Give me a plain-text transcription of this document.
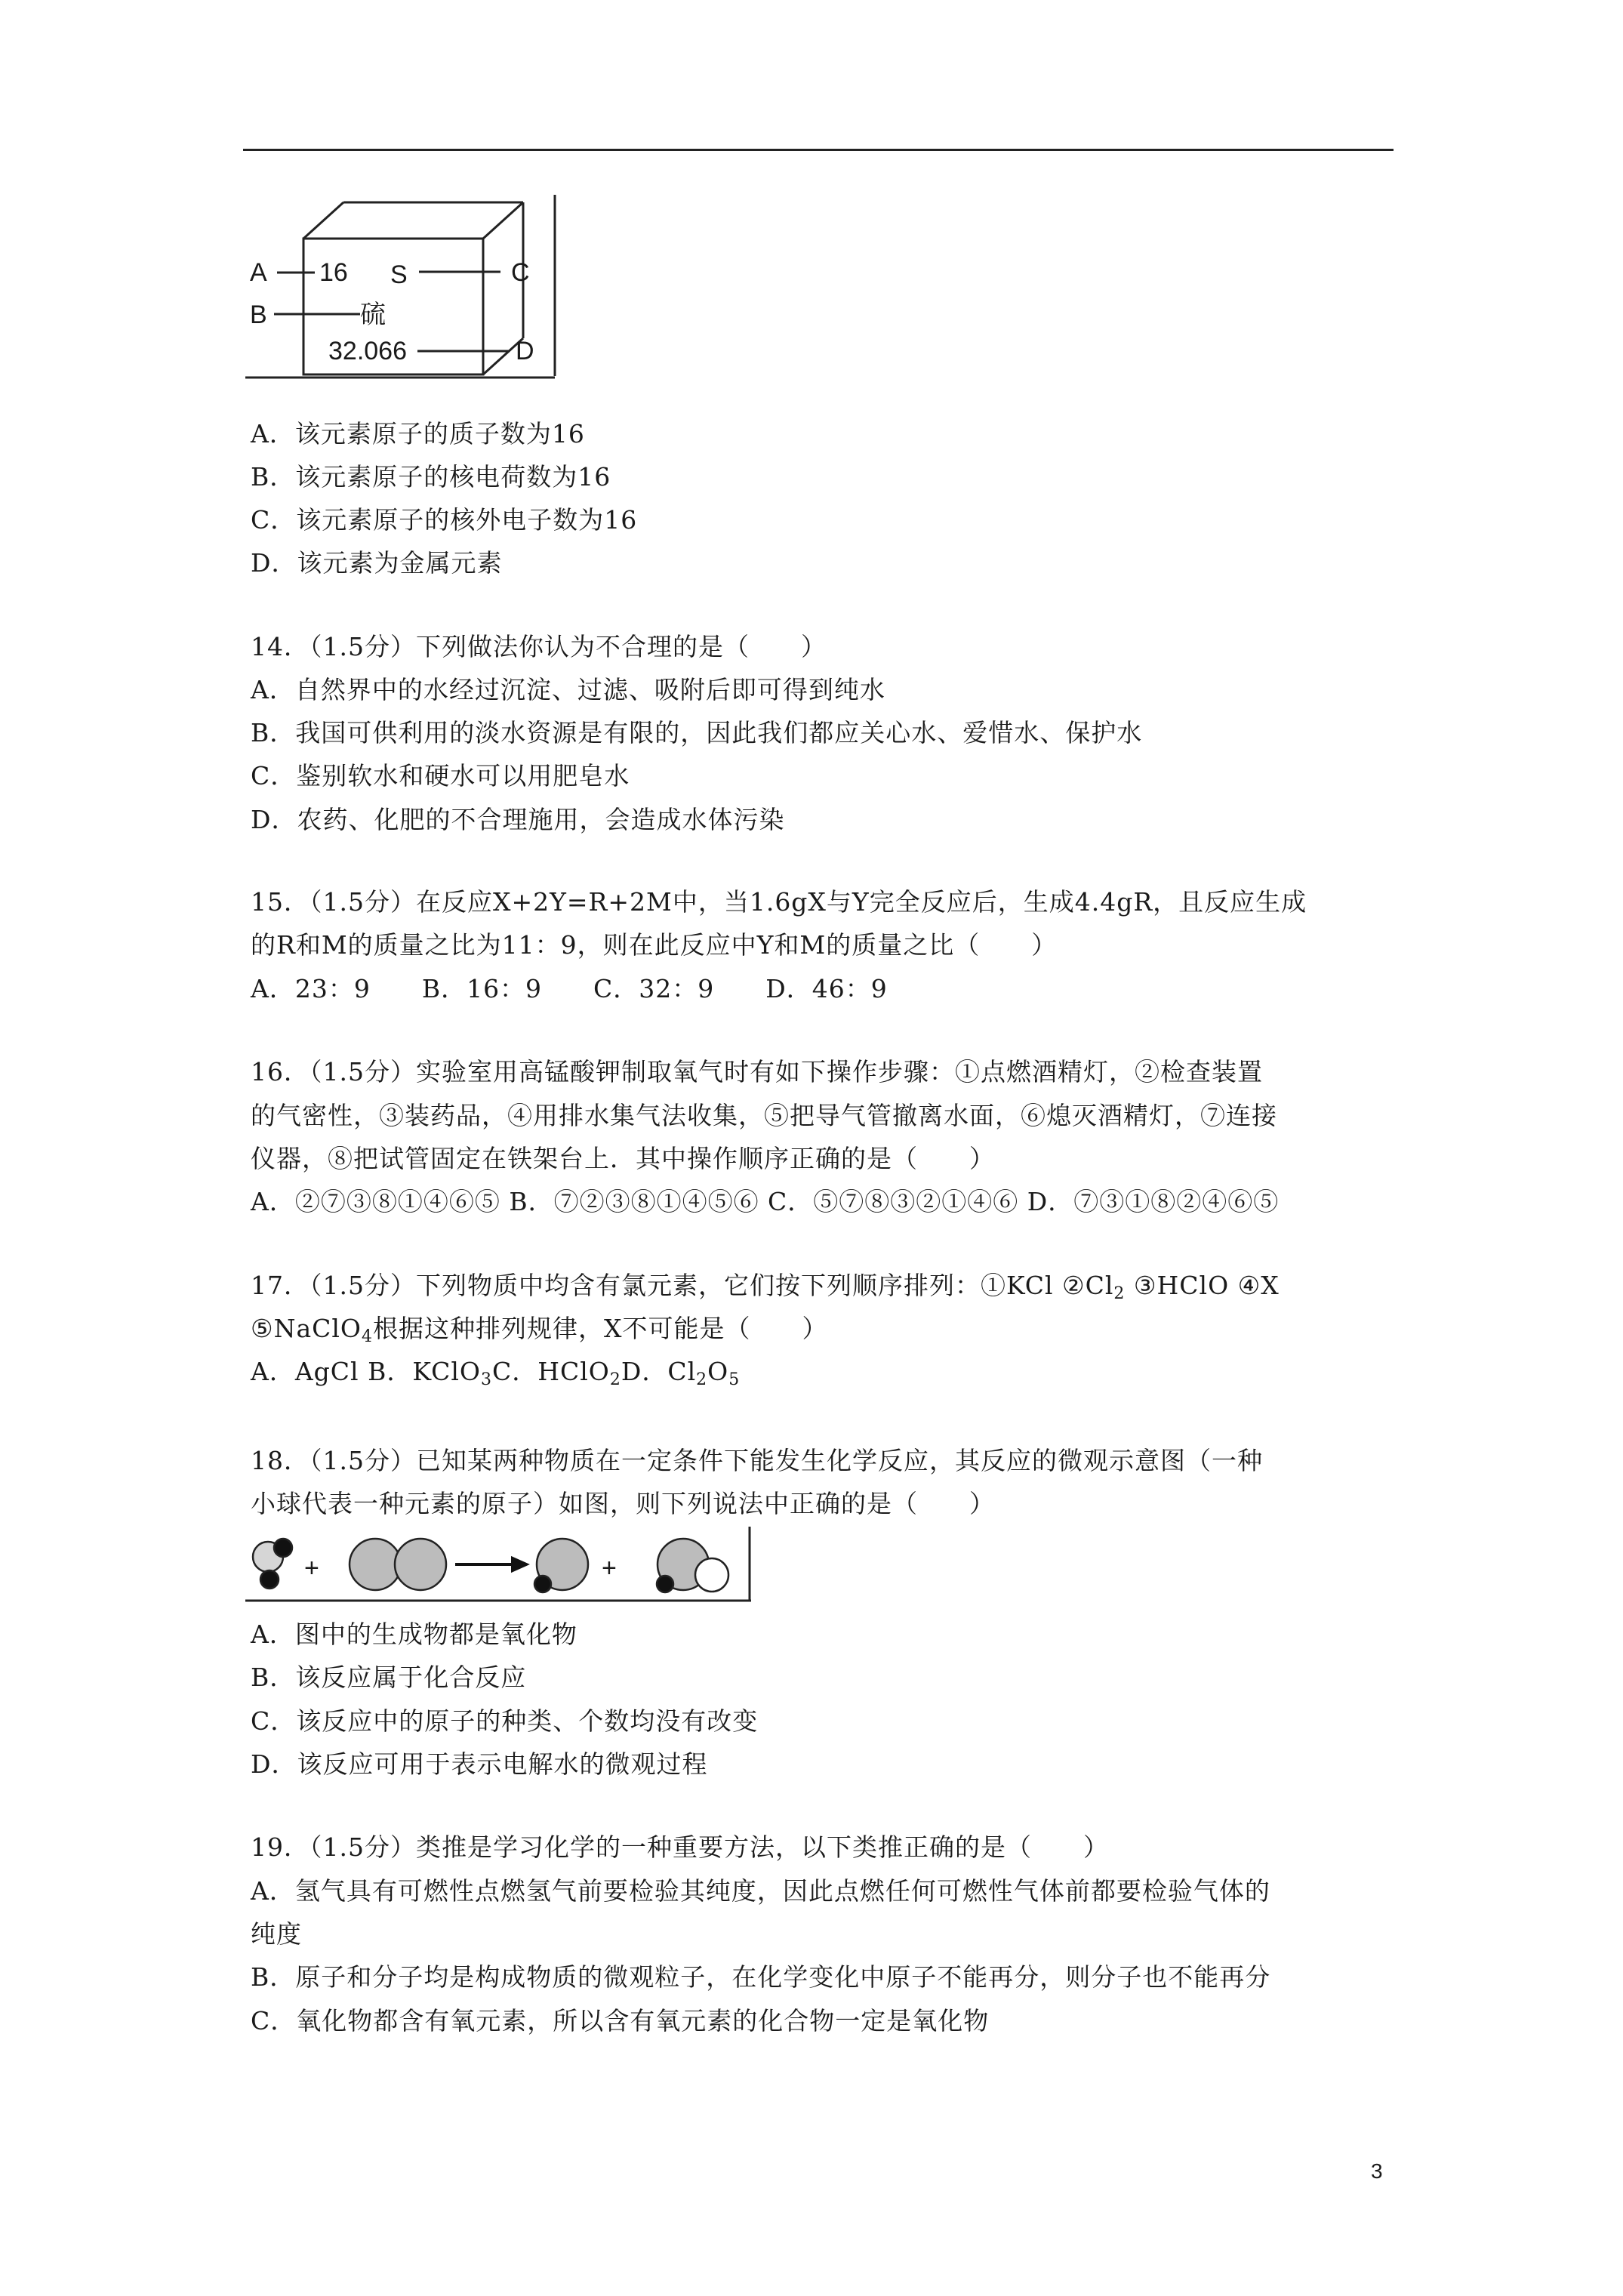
A
B
C
D
16 S
硫
32.066
A．该元素原子的质子数为16
B．该元素原子的核电荷数为16
C．该元素原子的核外电子数为16
D．该元素为金属元素
14．（1.5分）下列做法你认为不合理的是（　　）
A．自然界中的水经过沉淀、过滤、吸附后即可得到纯水
B．我国可供利用的淡水资源是有限的，因此我们都应关心水、爱惜水、保护水
C．鉴别软水和硬水可以用肥皂水
D．农药、化肥的不合理施用，会造成水体污染
15．（1.5分）在反应X+2Y=R+2M中，当1.6gX与Y完全反应后，生成4.4gR，且反应生成
的R和M的质量之比为11：9，则在此反应中Y和M的质量之比（　　）
A．23：9　　B．16：9　　C．32：9　　D．46：9
16．（1.5分）实验室用高锰酸钾制取氧气时有如下操作步骤：①点燃酒精灯，②检查装置
的气密性，③装药品，④用排水集气法收集，⑤把导气管撤离水面，⑥熄灭酒精灯，⑦连接
仪器，⑧把试管固定在铁架台上．其中操作顺序正确的是（　　）
A．②⑦③⑧①④⑥⑤ B．⑦②③⑧①④⑤⑥ C．⑤⑦⑧③②①④⑥ D．⑦③①⑧②④⑥⑤
17．（1.5分）下列物质中均含有氯元素，它们按下列顺序排列：①KCl $②Cl_2$ ③HClO ④X
⑤NaClO$_4$根据这种排列规律，X不可能是（　　）
A．AgCl B．KClO$_3$C．HClO$_2$D．$Cl_2O_5$
18．（1.5分）已知某两种物质在一定条件下能发生化学反应，其反应的微观示意图（一种
小球代表一种元素的原子）如图，则下列说法中正确的是（　　）
+	+
A．图中的生成物都是氧化物
B．该反应属于化合反应
C．该反应中的原子的种类、个数均没有改变
D．该反应可用于表示电解水的微观过程
19．（1.5分）类推是学习化学的一种重要方法，以下类推正确的是（　　）
A．氢气具有可燃性点燃氢气前要检验其纯度，因此点燃任何可燃性气体前都要检验气体的
纯度
B．原子和分子均是构成物质的微观粒子，在化学变化中原子不能再分，则分子也不能再分
C．氧化物都含有氧元素，所以含有氧元素的化合物一定是氧化物
3
